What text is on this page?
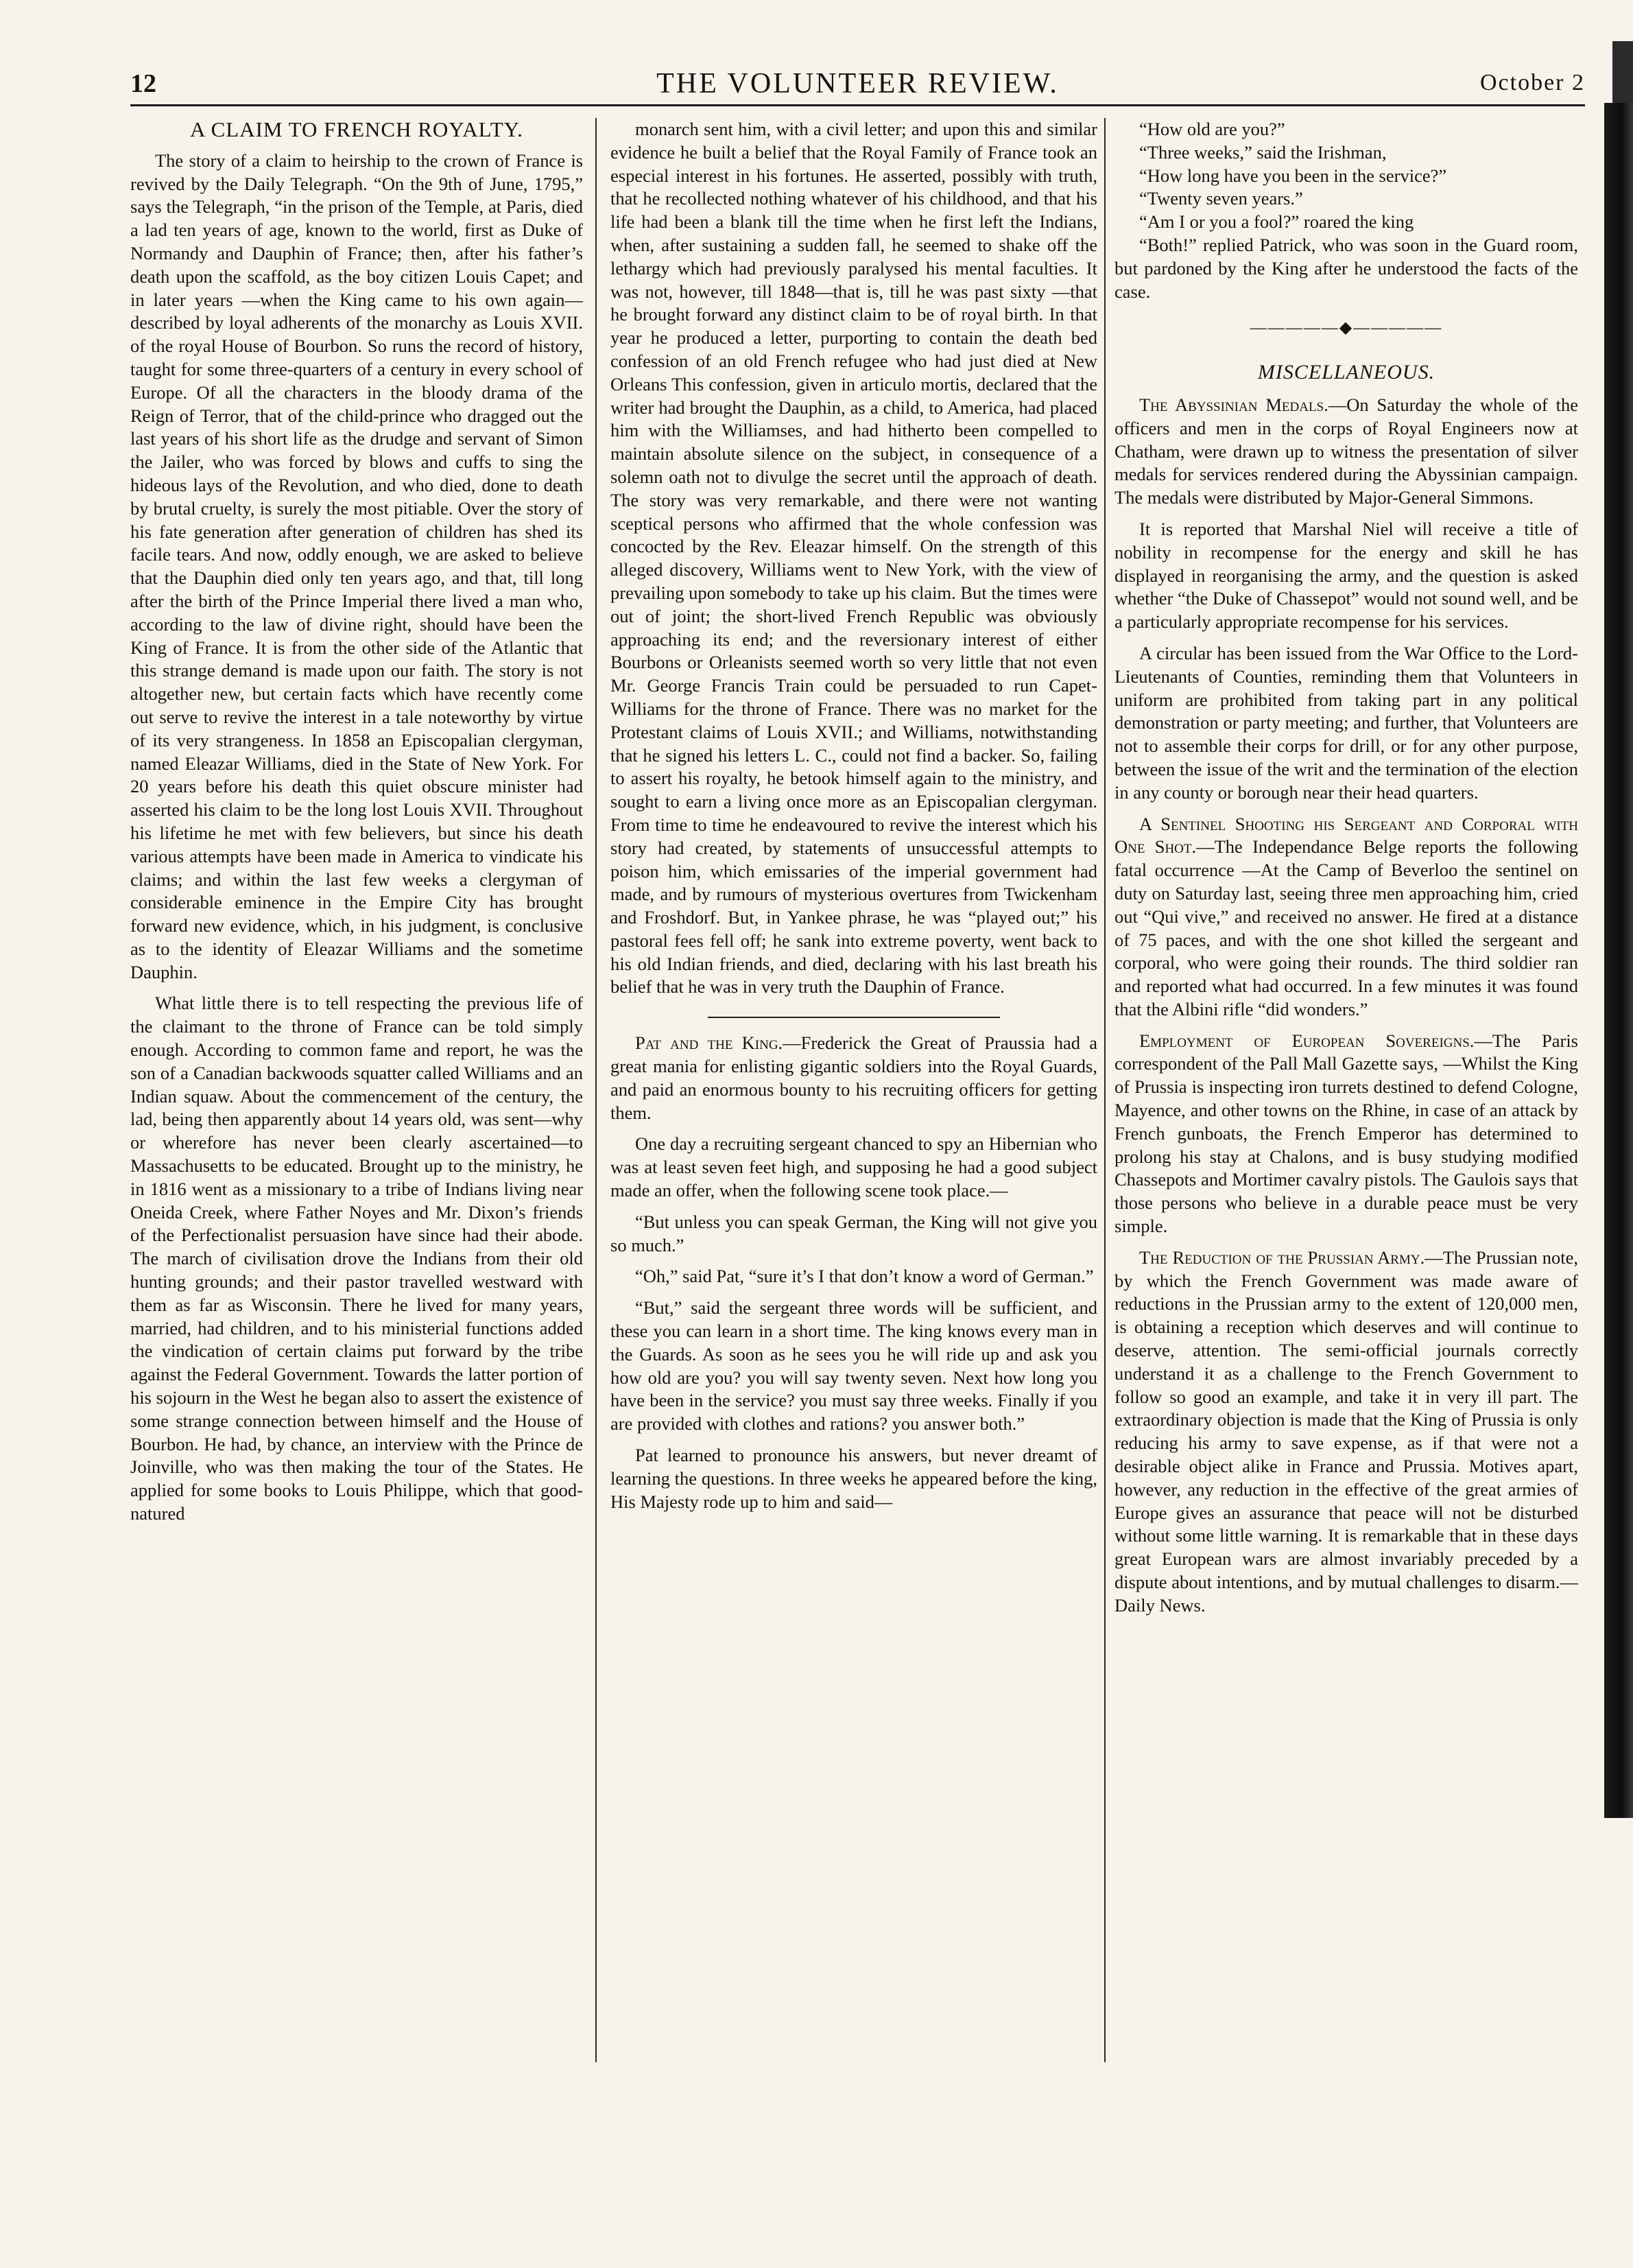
12	THE VOLUNTEER REVIEW.	October 2
A CLAIM TO FRENCH ROYALTY.

The story of a claim to heirship to the crown of France is revived by the Daily Telegraph. “On the 9th of June, 1795,” says the Telegraph, “in the prison of the Temple, at Paris, died a lad ten years of age, known to the world, first as Duke of Normandy and Dauphin of France; then, after his father’s death upon the scaffold, as the boy citizen Louis Capet; and in later years —when the King came to his own again— described by loyal adherents of the monarchy as Louis XVII. of the royal House of Bourbon. So runs the record of history, taught for some three-quarters of a century in every school of Europe. Of all the characters in the bloody drama of the Reign of Terror, that of the child-prince who dragged out the last years of his short life as the drudge and servant of Simon the Jailer, who was forced by blows and cuffs to sing the hideous lays of the Revolution, and who died, done to death by brutal cruelty, is surely the most pitiable. Over the story of his fate generation after generation of children has shed its facile tears. And now, oddly enough, we are asked to believe that the Dauphin died only ten years ago, and that, till long after the birth of the Prince Imperial there lived a man who, according to the law of divine right, should have been the King of France. It is from the other side of the Atlantic that this strange demand is made upon our faith. The story is not altogether new, but certain facts which have recently come out serve to revive the interest in a tale noteworthy by virtue of its very strangeness. In 1858 an Episcopalian clergyman, named Eleazar Williams, died in the State of New York. For 20 years before his death this quiet obscure minister had asserted his claim to be the long lost Louis XVII. Throughout his lifetime he met with few believers, but since his death various attempts have been made in America to vindicate his claims; and within the last few weeks a clergyman of considerable eminence in the Empire City has brought forward new evidence, which, in his judgment, is conclusive as to the identity of Eleazar Williams and the sometime Dauphin.

What little there is to tell respecting the previous life of the claimant to the throne of France can be told simply enough. According to common fame and report, he was the son of a Canadian backwoods squatter called Williams and an Indian squaw. About the commencement of the century, the lad, being then apparently about 14 years old, was sent—why or wherefore has never been clearly ascertained—to Massachusetts to be educated. Brought up to the ministry, he in 1816 went as a missionary to a tribe of Indians living near Oneida Creek, where Father Noyes and Mr. Dixon’s friends of the Perfectionalist persuasion have since had their abode. The march of civilisation drove the Indians from their old hunting grounds; and their pastor travelled westward with them as far as Wisconsin. There he lived for many years, married, had children, and to his ministerial functions added the vindication of certain claims put forward by the tribe against the Federal Government. Towards the latter portion of his sojourn in the West he began also to assert the existence of some strange connection between himself and the House of Bourbon. He had, by chance, an interview with the Prince de Joinville, who was then making the tour of the States. He applied for some books to Louis Philippe, which that good-natured

monarch sent him, with a civil letter; and upon this and similar evidence he built a belief that the Royal Family of France took an especial interest in his fortunes. He asserted, possibly with truth, that he recollected nothing whatever of his childhood, and that his life had been a blank till the time when he first left the Indians, when, after sustaining a sudden fall, he seemed to shake off the lethargy which had previously paralysed his mental faculties. It was not, however, till 1848—that is, till he was past sixty —that he brought forward any distinct claim to be of royal birth. In that year he produced a letter, purporting to contain the death bed confession of an old French refugee who had just died at New Orleans This confession, given in articulo mortis, declared that the writer had brought the Dauphin, as a child, to America, had placed him with the Williamses, and had hitherto been compelled to maintain absolute silence on the subject, in consequence of a solemn oath not to divulge the secret until the approach of death. The story was very remarkable, and there were not wanting sceptical persons who affirmed that the whole confession was concocted by the Rev. Eleazar himself. On the strength of this alleged discovery, Williams went to New York, with the view of prevailing upon somebody to take up his claim. But the times were out of joint; the short-lived French Republic was obviously approaching its end; and the reversionary interest of either Bourbons or Orleanists seemed worth so very little that not even Mr. George Francis Train could be persuaded to run Capet-Williams for the throne of France. There was no market for the Protestant claims of Louis XVII.; and Williams, notwithstanding that he signed his letters L. C., could not find a backer. So, failing to assert his royalty, he betook himself again to the ministry, and sought to earn a living once more as an Episcopalian clergyman. From time to time he endeavoured to revive the interest which his story had created, by statements of unsuccessful attempts to poison him, which emissaries of the imperial government had made, and by rumours of mysterious overtures from Twickenham and Froshdorf. But, in Yankee phrase, he was “played out;” his pastoral fees fell off; he sank into extreme poverty, went back to his old Indian friends, and died, declaring with his last breath his belief that he was in very truth the Dauphin of France.

Pat and the King.—Frederick the Great of Praussia had a great mania for enlisting gigantic soldiers into the Royal Guards, and paid an enormous bounty to his recruiting officers for getting them.

One day a recruiting sergeant chanced to spy an Hibernian who was at least seven feet high, and supposing he had a good subject made an offer, when the following scene took place.—

“But unless you can speak German, the King will not give you so much.”

“Oh,” said Pat, “sure it’s I that don’t know a word of German.”

“But,” said the sergeant three words will be sufficient, and these you can learn in a short time. The king knows every man in the Guards. As soon as he sees you he will ride up and ask you how old are you? you will say twenty seven. Next how long you have been in the service? you must say three weeks. Finally if you are provided with clothes and rations? you answer both.”

Pat learned to pronounce his answers, but never dreamt of learning the questions. In three weeks he appeared before the king, His Majesty rode up to him and said—

“How old are you?”

“Three weeks,” said the Irishman,

“How long have you been in the service?”

“Twenty seven years.”

“Am I or you a fool?” roared the king

“Both!” replied Patrick, who was soon in the Guard room, but pardoned by the King after he understood the facts of the case.

—————◆—————
MISCELLANEOUS.

The Abyssinian Medals.—On Saturday the whole of the officers and men in the corps of Royal Engineers now at Chatham, were drawn up to witness the presentation of silver medals for services rendered during the Abyssinian campaign. The medals were distributed by Major-General Simmons.

It is reported that Marshal Niel will receive a title of nobility in recompense for the energy and skill he has displayed in reorganising the army, and the question is asked whether “the Duke of Chassepot” would not sound well, and be a particularly appropriate recompense for his services.

A circular has been issued from the War Office to the Lord-Lieutenants of Counties, reminding them that Volunteers in uniform are prohibited from taking part in any political demonstration or party meeting; and further, that Volunteers are not to assemble their corps for drill, or for any other purpose, between the issue of the writ and the termination of the election in any county or borough near their head quarters.

A Sentinel Shooting his Sergeant and Corporal with One Shot.—The Independance Belge reports the following fatal occurrence —At the Camp of Beverloo the sentinel on duty on Saturday last, seeing three men approaching him, cried out “Qui vive,” and received no answer. He fired at a distance of 75 paces, and with the one shot killed the sergeant and corporal, who were going their rounds. The third soldier ran and reported what had occurred. In a few minutes it was found that the Albini rifle “did wonders.”

Employment of European Sovereigns.—The Paris correspondent of the Pall Mall Gazette says, —Whilst the King of Prussia is inspecting iron turrets destined to defend Cologne, Mayence, and other towns on the Rhine, in case of an attack by French gunboats, the French Emperor has determined to prolong his stay at Chalons, and is busy studying modified Chassepots and Mortimer cavalry pistols. The Gaulois says that those persons who believe in a durable peace must be very simple.

The Reduction of the Prussian Army.—The Prussian note, by which the French Government was made aware of reductions in the Prussian army to the extent of 120,000 men, is obtaining a reception which deserves and will continue to deserve, attention. The semi-official journals correctly understand it as a challenge to the French Government to follow so good an example, and take it in very ill part. The extraordinary objection is made that the King of Prussia is only reducing his army to save expense, as if that were not a desirable object alike in France and Prussia. Motives apart, however, any reduction in the effective of the great armies of Europe gives an assurance that peace will not be disturbed without some little warning. It is remarkable that in these days great European wars are almost invariably preceded by a dispute about intentions, and by mutual challenges to disarm.—Daily News.
